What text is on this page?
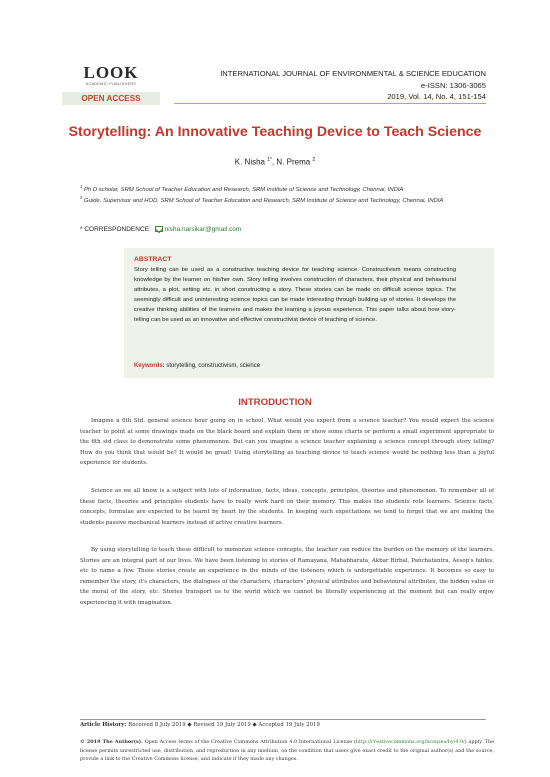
LOOK
ACADEMIC PUBLISHERS
OPEN ACCESS
INTERNATIONAL JOURNAL OF ENVIRONMENTAL & SCIENCE EDUCATION
e-ISSN: 1306-3065
2019, Vol. 14, No. 4, 151-154
Storytelling: An Innovative Teaching Device to Teach Science
K. Nisha $^{1*}$, N. Prema $^2$
$^1$ Ph D scholar, SRM School of Teacher Education and Research, SRM Institute of Science and Technology, Chennai, INDIA
$^2$ Guide, Supervisor and HOD, SRM School of Teacher Education and Research, SRM Institute of Science and Technology, Chennai, INDIA
* CORRESPONDENCE: nisha.narsikar@gmail.com
ABSTRACT
Story telling can be used as a constructive teaching device for teaching science. Constructivism means constructing knowledge by the learner on his/her own. Story telling involves construction of characters, their physical and behavioural attributes, a plot, setting etc. in short constructing a story. These stories can be made on difficult science topics. The seemingly difficult and uninteresting science topics can be made interesting through building up of stories. It develops the creative thinking abilities of the learners and makes the learning a joyous experience. This paper talks about how story-telling can be used as an innovative and effective constructivist device of teaching of science.
Keywords: storytelling, constructivism, science
INTRODUCTION
Imagine a 6th Std. general science hour going on in school. What would you expect from a science teacher? You would expect the science teacher to point at some drawings made on the black board and explain them or show some charts or perform a small experiment appropriate to the 6th std class to demonstrate some phenomenon. But can you imagine a science teacher explaining a science concept through story telling? How do you think that would be? It would be great! Using storytelling as teaching device to teach science would be nothing less than a joyful experience for students.
Science as we all know is a subject with lots of information, facts, ideas, concepts, principles, theories and phenomenon. To remember all of these facts, theories and principles students have to really work hard on their memory. This makes the students rote learners. Science facts, concepts, formulae are expected to be learnt by heart by the students. In keeping such expectations we tend to forget that we are making the students passive mechanical learners instead of active creative learners.
By using storytelling to teach these difficult to memorize science concepts, the teacher can reduce the burden on the memory of the learners. Stories are an integral part of our lives. We have been listening to stories of Ramayana, Mahabharata, Akbar Birbal, Panchatantra, Aesop's fables, etc to name a few. These stories create an experience in the minds of the listeners which is unforgettable experience. It becomes so easy to remember the story, it's characters, the dialogues of the characters, characters' physical attributes and behavioural attributes, the hidden value or the moral of the story, etc. Stories transport us to the world which we cannot be literally experiencing at the moment but can really enjoy experiencing it with imagination.
Article History: Received 8 July 2019 ◆ Revised 19 July 2019 ◆ Accepted 19 July 2019
© 2019 The Author(s). Open Access terms of the Creative Commons Attribution 4.0 International License (http://creativecommons.org/licenses/by/4.0/) apply. The license permits unrestricted use, distribution, and reproduction in any medium, on the condition that users give exact credit to the original author(s) and the source, provide a link to the Creative Commons license, and indicate if they made any changes.
